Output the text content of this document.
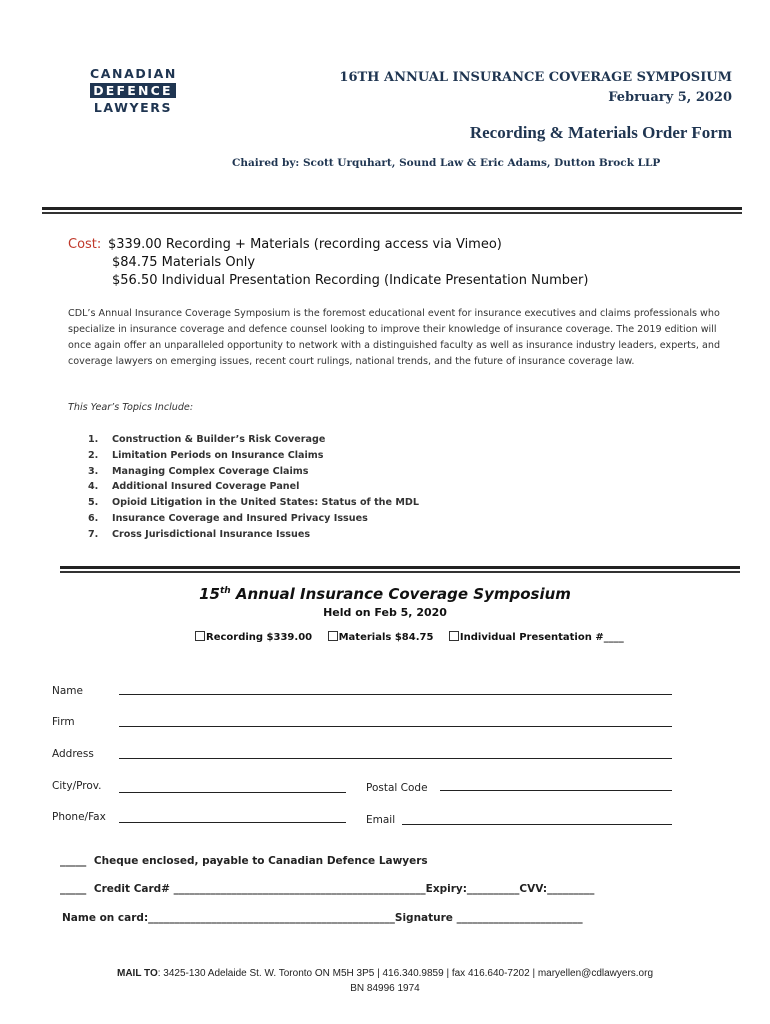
CANADIAN
DEFENCE
LAWYERS
16TH ANNUAL INSURANCE COVERAGE SYMPOSIUM
February 5, 2020
Recording & Materials Order Form
Chaired by: Scott Urquhart, Sound Law & Eric Adams, Dutton Brock LLP
Cost: $339.00 Recording + Materials (recording access via Vimeo)
$84.75 Materials Only
$56.50 Individual Presentation Recording (Indicate Presentation Number)
CDL’s Annual Insurance Coverage Symposium is the foremost educational event for insurance executives and claims professionals who specialize in insurance coverage and defence counsel looking to improve their knowledge of insurance coverage. The 2019 edition will once again offer an unparalleled opportunity to network with a distinguished faculty as well as insurance industry leaders, experts, and coverage lawyers on emerging issues, recent court rulings, national trends, and the future of insurance coverage law.
This Year’s Topics Include:
1. Construction & Builder’s Risk Coverage
2. Limitation Periods on Insurance Claims
3. Managing Complex Coverage Claims
4. Additional Insured Coverage Panel
5. Opioid Litigation in the United States: Status of the MDL
6. Insurance Coverage and Insured Privacy Issues
7. Cross Jurisdictional Insurance Issues
15th Annual Insurance Coverage Symposium
Held on Feb 5, 2020
Recording $339.00	Materials $84.75	Individual Presentation #____
Name
Firm
Address
City/Prov.	Postal Code
Phone/Fax	Email
_____ Cheque enclosed, payable to Canadian Defence Lawyers
_____ Credit Card# ________________________________________________Expiry:__________CVV:_________
Name on card:_______________________________________________Signature ________________________
MAIL TO: 3425-130 Adelaide St. W. Toronto ON M5H 3P5 | 416.340.9859 | fax 416.640-7202 | maryellen@cdlawyers.org
BN 84996 1974
